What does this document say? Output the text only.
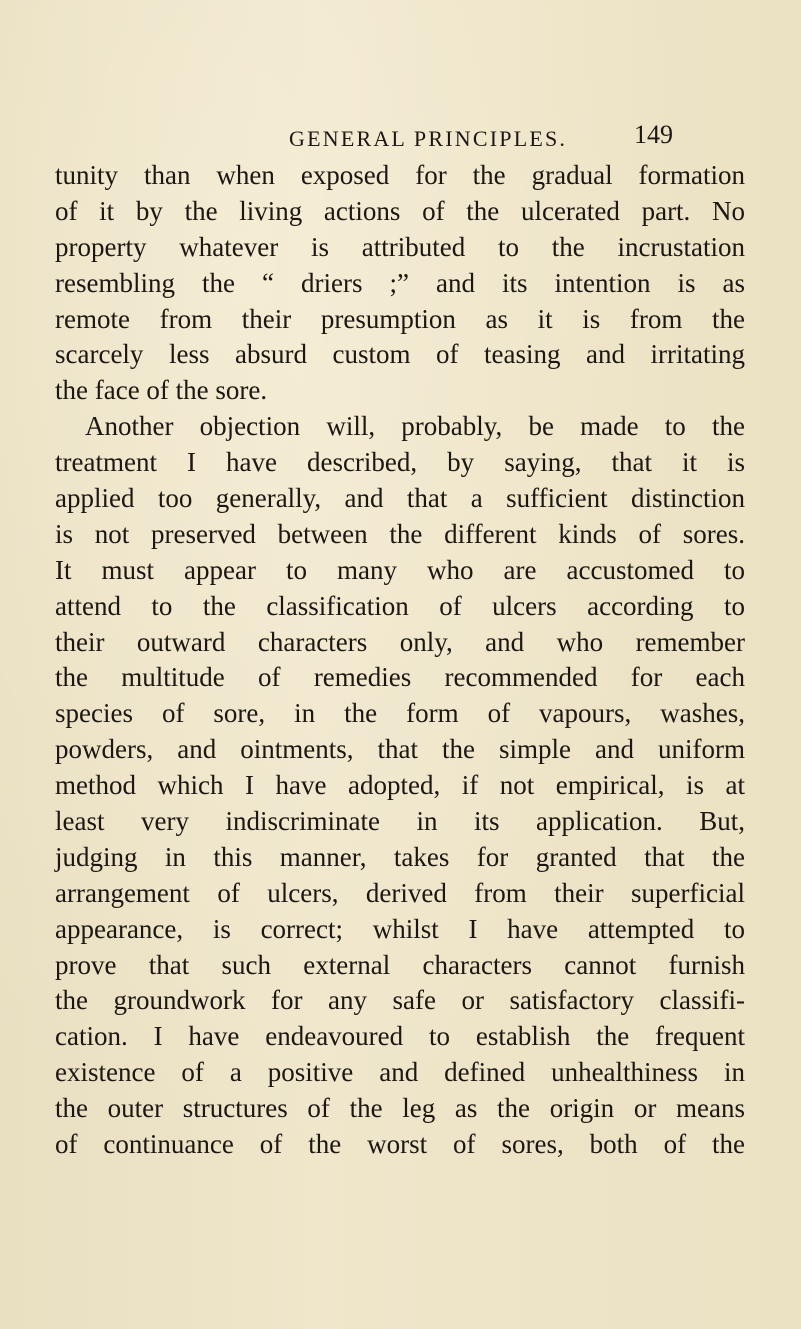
GENERAL PRINCIPLES.	149
tunity than when exposed for the gradual formation
of it by the living actions of the ulcerated part. No
property whatever is attributed to the incrustation
resembling the “ driers ;” and its intention is as
remote from their presumption as it is from the
scarcely less absurd custom of teasing and irritating
the face of the sore.
Another objection will, probably, be made to the
treatment I have described, by saying, that it is
applied too generally, and that a sufficient distinction
is not preserved between the different kinds of sores.
It must appear to many who are accustomed to
attend to the classification of ulcers according to
their outward characters only, and who remember
the multitude of remedies recommended for each
species of sore, in the form of vapours, washes,
powders, and ointments, that the simple and uniform
method which I have adopted, if not empirical, is at
least very indiscriminate in its application. But,
judging in this manner, takes for granted that the
arrangement of ulcers, derived from their superficial
appearance, is correct; whilst I have attempted to
prove that such external characters cannot furnish
the groundwork for any safe or satisfactory classifi-
cation. I have endeavoured to establish the frequent
existence of a positive and defined unhealthiness in
the outer structures of the leg as the origin or means
of continuance of the worst of sores, both of the
